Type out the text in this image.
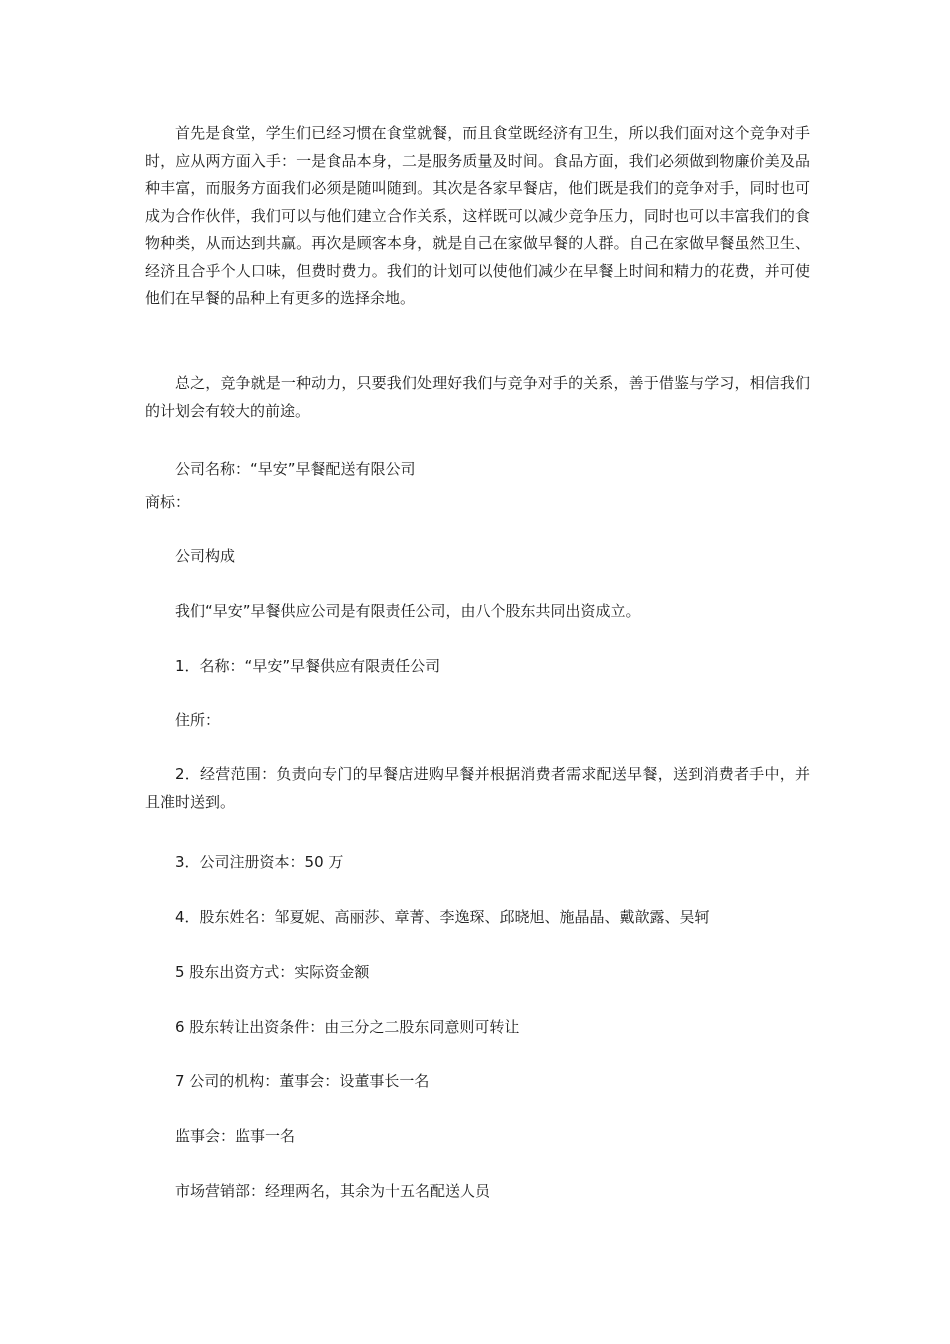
首先是食堂，学生们已经习惯在食堂就餐，而且食堂既经济有卫生，所以我们面对这个竞争对手时，应从两方面入手：一是食品本身，二是服务质量及时间。食品方面，我们必须做到物廉价美及品种丰富，而服务方面我们必须是随叫随到。其次是各家早餐店，他们既是我们的竞争对手，同时也可成为合作伙伴，我们可以与他们建立合作关系，这样既可以减少竞争压力，同时也可以丰富我们的食物种类，从而达到共赢。再次是顾客本身，就是自己在家做早餐的人群。自己在家做早餐虽然卫生、经济且合乎个人口味，但费时费力。我们的计划可以使他们减少在早餐上时间和精力的花费，并可使他们在早餐的品种上有更多的选择余地。

总之，竞争就是一种动力，只要我们处理好我们与竞争对手的关系，善于借鉴与学习，相信我们的计划会有较大的前途。

公司名称：“早安”早餐配送有限公司

商标：

公司构成

我们“早安”早餐供应公司是有限责任公司，由八个股东共同出资成立。

1．名称：“早安”早餐供应有限责任公司

住所：

2．经营范围：负责向专门的早餐店进购早餐并根据消费者需求配送早餐，送到消费者手中，并且准时送到。

3．公司注册资本：50 万

4．股东姓名：邹夏妮、高丽莎、章菁、李逸琛、邱晓旭、施晶晶、戴歆露、吴轲

5 股东出资方式：实际资金额

6 股东转让出资条件：由三分之二股东同意则可转让

7 公司的机构：董事会：设董事长一名

监事会：监事一名

市场营销部：经理两名，其余为十五名配送人员
